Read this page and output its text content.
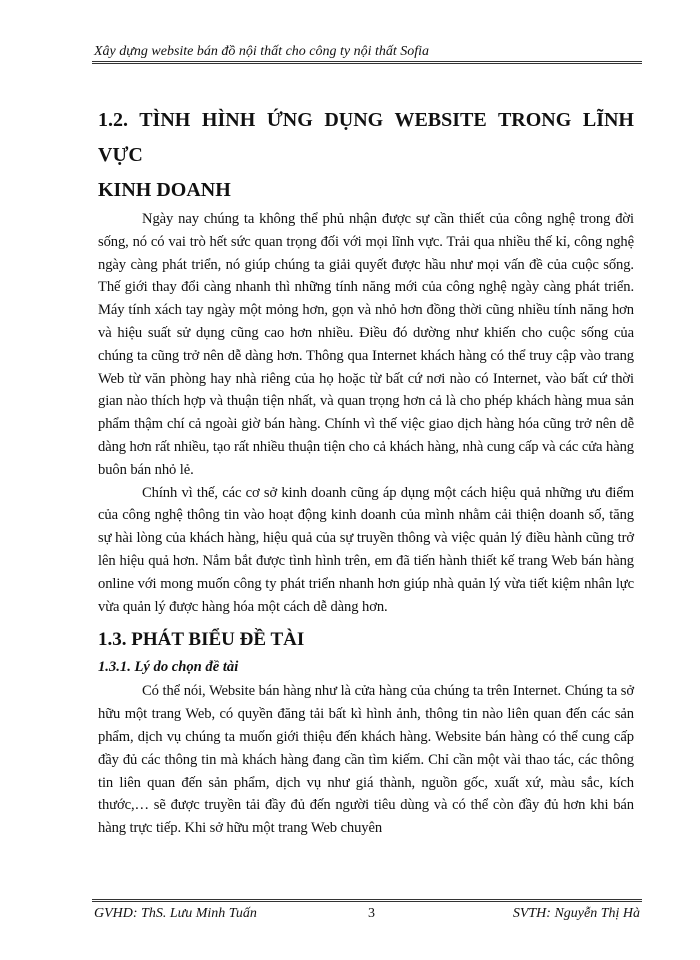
Xây dựng website bán đồ nội thất cho công ty nội thất Sofia
1.2. TÌNH HÌNH ỨNG DỤNG WEBSITE TRONG LĨNH VỰC
KINH DOANH

Ngày nay chúng ta không thể phủ nhận được sự cần thiết của công nghệ trong đời sống, nó có vai trò hết sức quan trọng đối với mọi lĩnh vực. Trải qua nhiều thế kỉ, công nghệ ngày càng phát triển, nó giúp chúng ta giải quyết được hầu như mọi vấn đề của cuộc sống. Thế giới thay đổi càng nhanh thì những tính năng mới của công nghệ ngày càng phát triển. Máy tính xách tay ngày một mỏng hơn, gọn và nhỏ hơn đồng thời cũng nhiều tính năng hơn và hiệu suất sử dụng cũng cao hơn nhiều. Điều đó dường như khiến cho cuộc sống của chúng ta cũng trở nên dễ dàng hơn. Thông qua Internet khách hàng có thể truy cập vào trang Web từ văn phòng hay nhà riêng của họ hoặc từ bất cứ nơi nào có Internet, vào bất cứ thời gian nào thích hợp và thuận tiện nhất, và quan trọng hơn cả là cho phép khách hàng mua sản phẩm thậm chí cả ngoài giờ bán hàng. Chính vì thế việc giao dịch hàng hóa cũng trở nên dễ dàng hơn rất nhiều, tạo rất nhiều thuận tiện cho cả khách hàng, nhà cung cấp và các cửa hàng buôn bán nhỏ lẻ.

Chính vì thế, các cơ sở kinh doanh cũng áp dụng một cách hiệu quả những ưu điểm của công nghệ thông tin vào hoạt động kinh doanh của mình nhằm cải thiện doanh số, tăng sự hài lòng của khách hàng, hiệu quả của sự truyền thông và việc quản lý điều hành cũng trở lên hiệu quả hơn. Nắm bắt được tình hình trên, em đã tiến hành thiết kế trang Web bán hàng online với mong muốn công ty phát triển nhanh hơn giúp nhà quản lý vừa tiết kiệm nhân lực vừa quản lý được hàng hóa một cách dễ dàng hơn.

1.3. PHÁT BIỂU ĐỀ TÀI
1.3.1. Lý do chọn đề tài

Có thể nói, Website bán hàng như là cửa hàng của chúng ta trên Internet. Chúng ta sở hữu một trang Web, có quyền đăng tải bất kì hình ảnh, thông tin nào liên quan đến các sản phẩm, dịch vụ chúng ta muốn giới thiệu đến khách hàng. Website bán hàng có thể cung cấp đầy đủ các thông tin mà khách hàng đang cần tìm kiếm. Chỉ cần một vài thao tác, các thông tin liên quan đến sản phẩm, dịch vụ như giá thành, nguồn gốc, xuất xứ, màu sắc, kích thước,… sẽ được truyền tải đầy đủ đến người tiêu dùng và có thể còn đầy đủ hơn khi bán hàng trực tiếp. Khi sở hữu một trang Web chuyên

GVHD: ThS. Lưu Minh Tuấn	3	SVTH: Nguyễn Thị Hà
